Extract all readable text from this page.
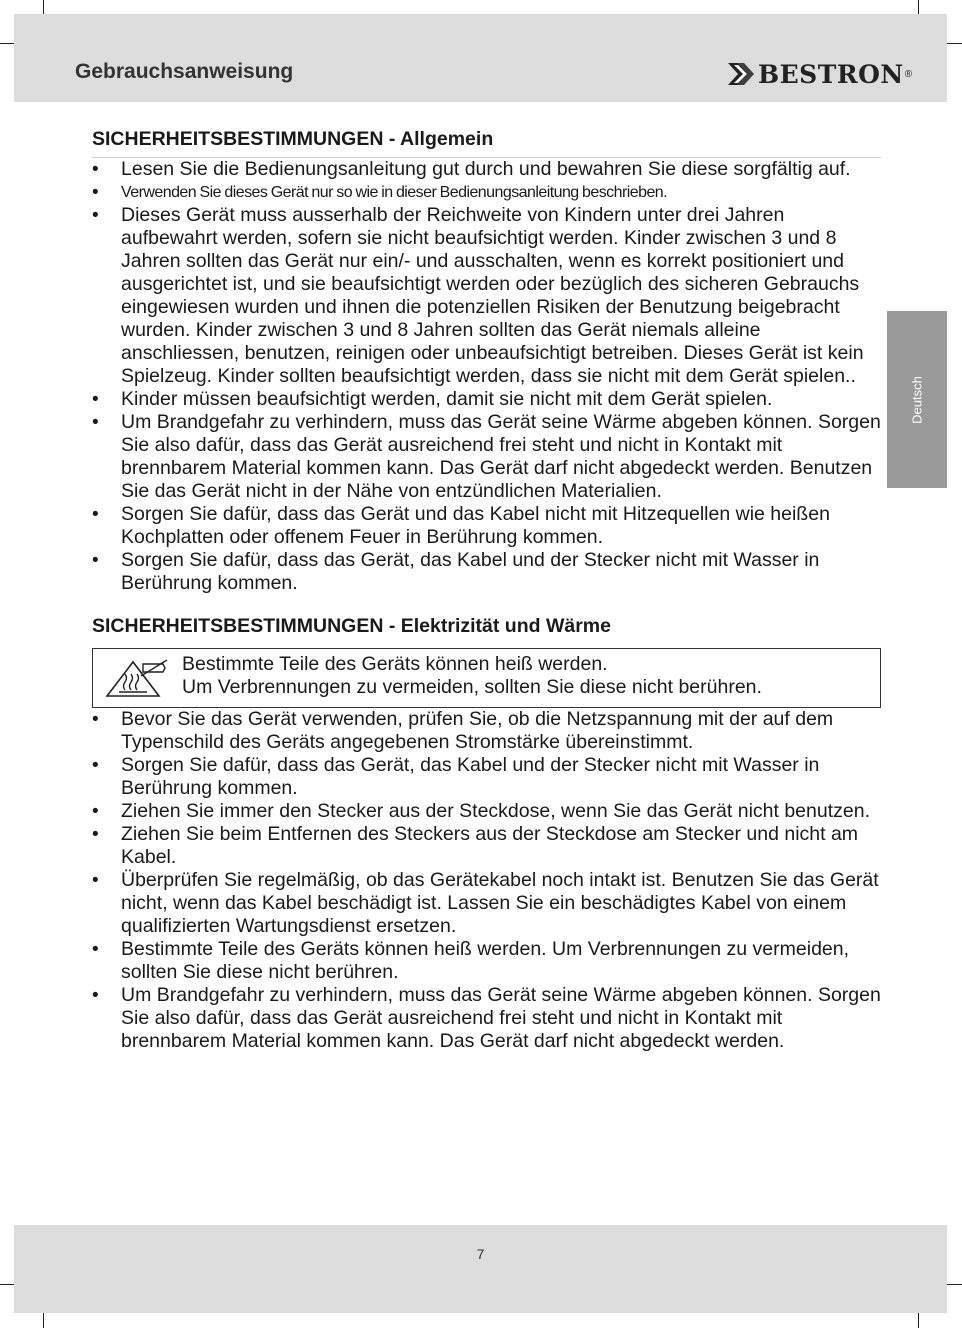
Gebrauchsanweisung	BESTRON ®
Deutsch
SICHERHEITSBESTIMMUNGEN - Allgemein
• Lesen Sie die Bedienungsanleitung gut durch und bewahren Sie diese sorgfältig auf.
• Verwenden Sie dieses Gerät nur so wie in dieser Bedienungsanleitung beschrieben.
• Dieses Gerät muss ausserhalb der Reichweite von Kindern unter drei Jahren aufbewahrt werden, sofern sie nicht beaufsichtigt werden. Kinder zwischen 3 und 8 Jahren sollten das Gerät nur ein/- und ausschalten, wenn es korrekt positioniert und ausgerichtet ist, und sie beaufsichtigt werden oder bezüglich des sicheren Gebrauchs eingewiesen wurden und ihnen die potenziellen Risiken der Benutzung beigebracht wurden. Kinder zwischen 3 und 8 Jahren sollten das Gerät niemals alleine anschliessen, benutzen, reinigen oder unbeaufsichtigt betreiben. Dieses Gerät ist kein Spielzeug. Kinder sollten beaufsichtigt werden, dass sie nicht mit dem Gerät spielen..
• Kinder müssen beaufsichtigt werden, damit sie nicht mit dem Gerät spielen.
• Um Brandgefahr zu verhindern, muss das Gerät seine Wärme abgeben können. Sorgen Sie also dafür, dass das Gerät ausreichend frei steht und nicht in Kontakt mit brennbarem Material kommen kann. Das Gerät darf nicht abgedeckt werden. Benutzen Sie das Gerät nicht in der Nähe von entzündlichen Materialien.
• Sorgen Sie dafür, dass das Gerät und das Kabel nicht mit Hitzequellen wie heißen Kochplatten oder offenem Feuer in Berührung kommen.
• Sorgen Sie dafür, dass das Gerät, das Kabel und der Stecker nicht mit Wasser in Berührung kommen.
SICHERHEITSBESTIMMUNGEN - Elektrizität und Wärme
Bestimmte Teile des Geräts können heiß werden.
Um Verbrennungen zu vermeiden, sollten Sie diese nicht berühren.
• Bevor Sie das Gerät verwenden, prüfen Sie, ob die Netzspannung mit der auf dem Typenschild des Geräts angegebenen Stromstärke übereinstimmt.
• Sorgen Sie dafür, dass das Gerät, das Kabel und der Stecker nicht mit Wasser in Berührung kommen.
• Ziehen Sie immer den Stecker aus der Steckdose, wenn Sie das Gerät nicht benutzen.
• Ziehen Sie beim Entfernen des Steckers aus der Steckdose am Stecker und nicht am Kabel.
• Überprüfen Sie regelmäßig, ob das Gerätekabel noch intakt ist. Benutzen Sie das Gerät nicht, wenn das Kabel beschädigt ist. Lassen Sie ein beschädigtes Kabel von einem qualifizierten Wartungsdienst ersetzen.
• Bestimmte Teile des Geräts können heiß werden. Um Verbrennungen zu vermeiden, sollten Sie diese nicht berühren.
• Um Brandgefahr zu verhindern, muss das Gerät seine Wärme abgeben können. Sorgen Sie also dafür, dass das Gerät ausreichend frei steht und nicht in Kontakt mit brennbarem Material kommen kann. Das Gerät darf nicht abgedeckt werden.
7
